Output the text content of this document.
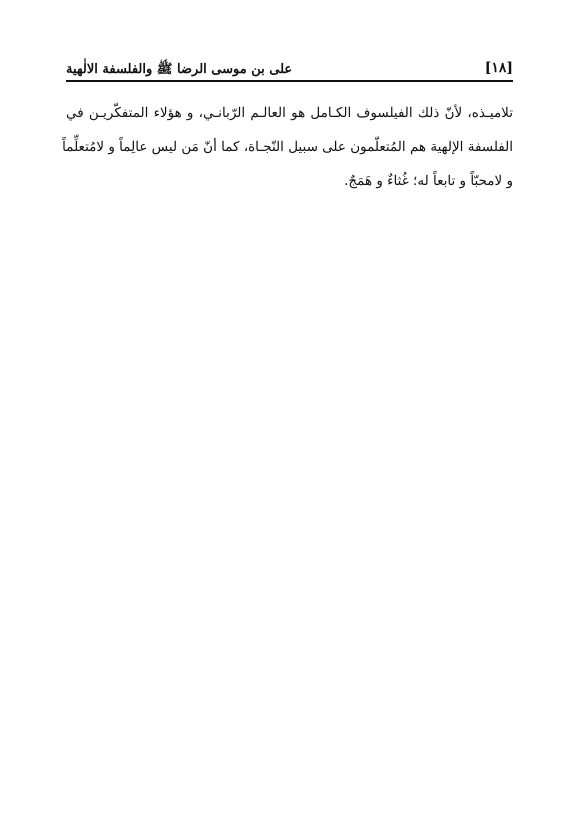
[١٨]
علی بن موسی الرضا ﷺ والفلسفة الالٰهية
تلامیـذه، لأنّ ذلك الفیلسوف الکـامل هو العالـم الرّبانـي، و هؤلاء المتفکّریـن في
الفلسفة الإلهیة هم المُتعلّمون علی سبیل النّجـاة، کما أنّ مَن لیس عالِماً و لامُتعلِّماً
و لامحبّاً و تابعاً له؛ غُثاءٌ و هَمَجٌ.
